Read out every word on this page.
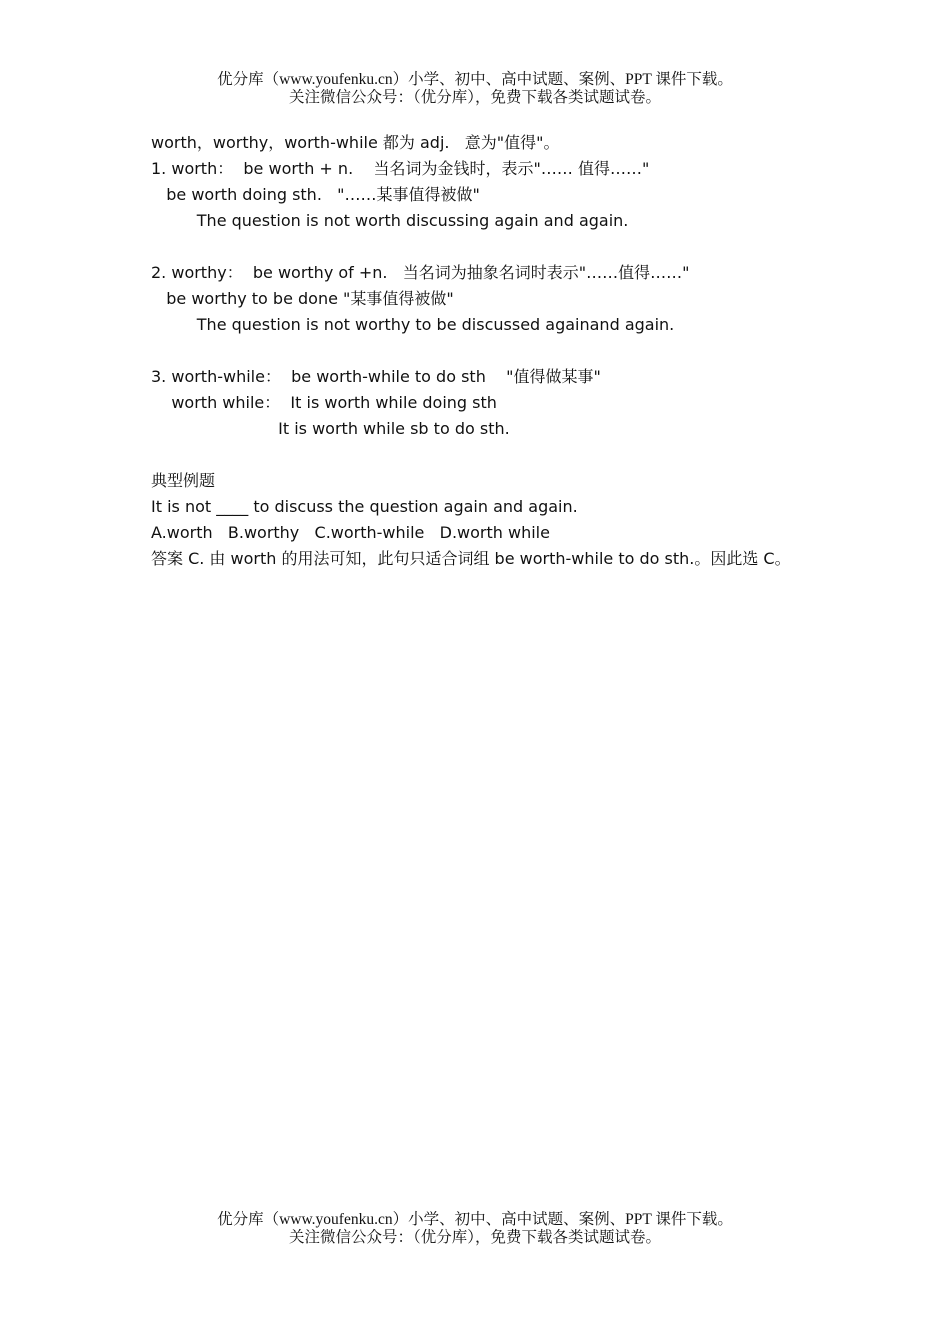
优分库（www.youfenku.cn）小学、初中、高中试题、案例、PPT 课件下载。
关注微信公众号：（优分库），免费下载各类试题试卷。
worth，worthy，worth-while 都为 adj.   意为"值得"。
1. worth：  be worth + n.    当名词为金钱时，表示"…… 值得……"
be worth doing sth.   "……某事值得被做"
The question is not worth discussing again and again.
2. worthy：  be worthy of +n.   当名词为抽象名词时表示"……值得……"
be worthy to be done "某事值得被做"
The question is not worthy to be discussed againand again.
3. worth-while：  be worth-while to do sth    "值得做某事"
worth while：  It is worth while doing sth
It is worth while sb to do sth.
典型例题
It is not ____ to discuss the question again and again.
A.worth   B.worthy   C.worth-while   D.worth while
答案 C. 由 worth 的用法可知，此句只适合词组 be worth-while to do sth.。因此选 C。
优分库（www.youfenku.cn）小学、初中、高中试题、案例、PPT 课件下载。
关注微信公众号：（优分库），免费下载各类试题试卷。
